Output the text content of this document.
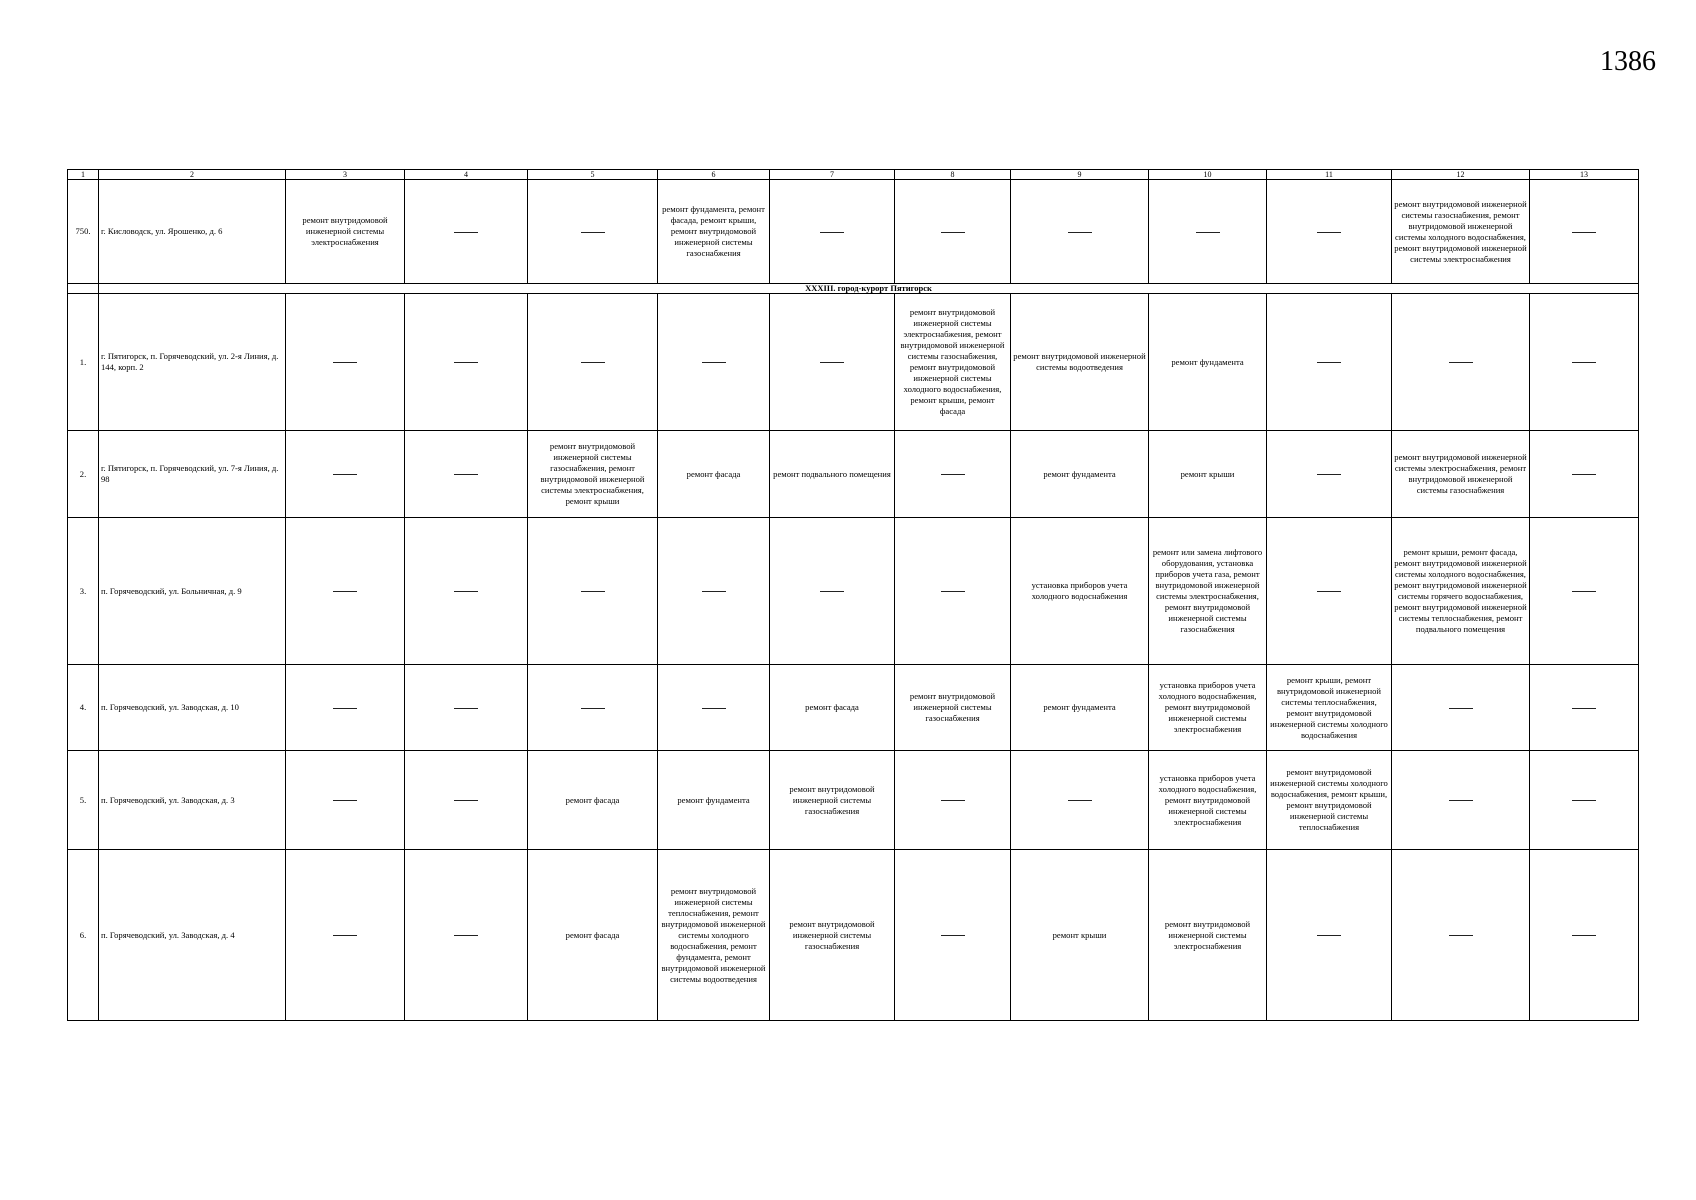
1386
1	2	3	4	5	6	7	8	9	10	11	12	13
750.	г. Кисловодск, ул. Ярошенко, д. 6	ремонт внутридомовой инженерной системы электроснабжения			ремонт фундамента, ремонт фасада, ремонт крыши, ремонт внутридомовой инженерной системы газоснабжения						ремонт внутридомовой инженерной системы газоснабжения, ремонт внутридомовой инженерной системы холодного водоснабжения, ремонт внутридомовой инженерной системы электроснабжения	
	XXXIII. город-курорт Пятигорск											
1.	г. Пятигорск, п. Горячеводский, ул. 2-я Линия, д. 144, корп. 2						ремонт внутридомовой инженерной системы электроснабжения, ремонт внутридомовой инженерной системы газоснабжения, ремонт внутридомовой инженерной системы холодного водоснабжения, ремонт крыши, ремонт фасада	ремонт внутридомовой инженерной системы водоотведения	ремонт фундамента			
2.	г. Пятигорск, п. Горячеводский, ул. 7-я Линия, д. 98			ремонт внутридомовой инженерной системы газоснабжения, ремонт внутридомовой инженерной системы электроснабжения, ремонт крыши	ремонт фасада	ремонт подвального помещения		ремонт фундамента	ремонт крыши		ремонт внутридомовой инженерной системы электроснабжения, ремонт внутридомовой инженерной системы газоснабжения	
3.	п. Горячеводский, ул. Больничная, д. 9							установка приборов учета холодного водоснабжения	ремонт или замена лифтового оборудования, установка приборов учета газа, ремонт внутридомовой инженерной системы электроснабжения, ремонт внутридомовой инженерной системы газоснабжения		ремонт крыши, ремонт фасада, ремонт внутридомовой инженерной системы холодного водоснабжения, ремонт внутридомовой инженерной системы горячего водоснабжения, ремонт внутридомовой инженерной системы теплоснабжения, ремонт подвального помещения	
4.	п. Горячеводский, ул. Заводская, д. 10					ремонт фасада	ремонт внутридомовой инженерной системы газоснабжения	ремонт фундамента	установка приборов учета холодного водоснабжения, ремонт внутридомовой инженерной системы электроснабжения	ремонт крыши, ремонт внутридомовой инженерной системы теплоснабжения, ремонт внутридомовой инженерной системы холодного водоснабжения		
5.	п. Горячеводский, ул. Заводская, д. 3			ремонт фасада	ремонт фундамента	ремонт внутридомовой инженерной системы газоснабжения			установка приборов учета холодного водоснабжения, ремонт внутридомовой инженерной системы электроснабжения	ремонт внутридомовой инженерной системы холодного водоснабжения, ремонт крыши, ремонт внутридомовой инженерной системы теплоснабжения		
6.	п. Горячеводский, ул. Заводская, д. 4			ремонт фасада	ремонт внутридомовой инженерной системы теплоснабжения, ремонт внутридомовой инженерной системы холодного водоснабжения, ремонт фундамента, ремонт внутридомовой инженерной системы водоотведения	ремонт внутридомовой инженерной системы газоснабжения		ремонт крыши	ремонт внутридомовой инженерной системы электроснабжения			
